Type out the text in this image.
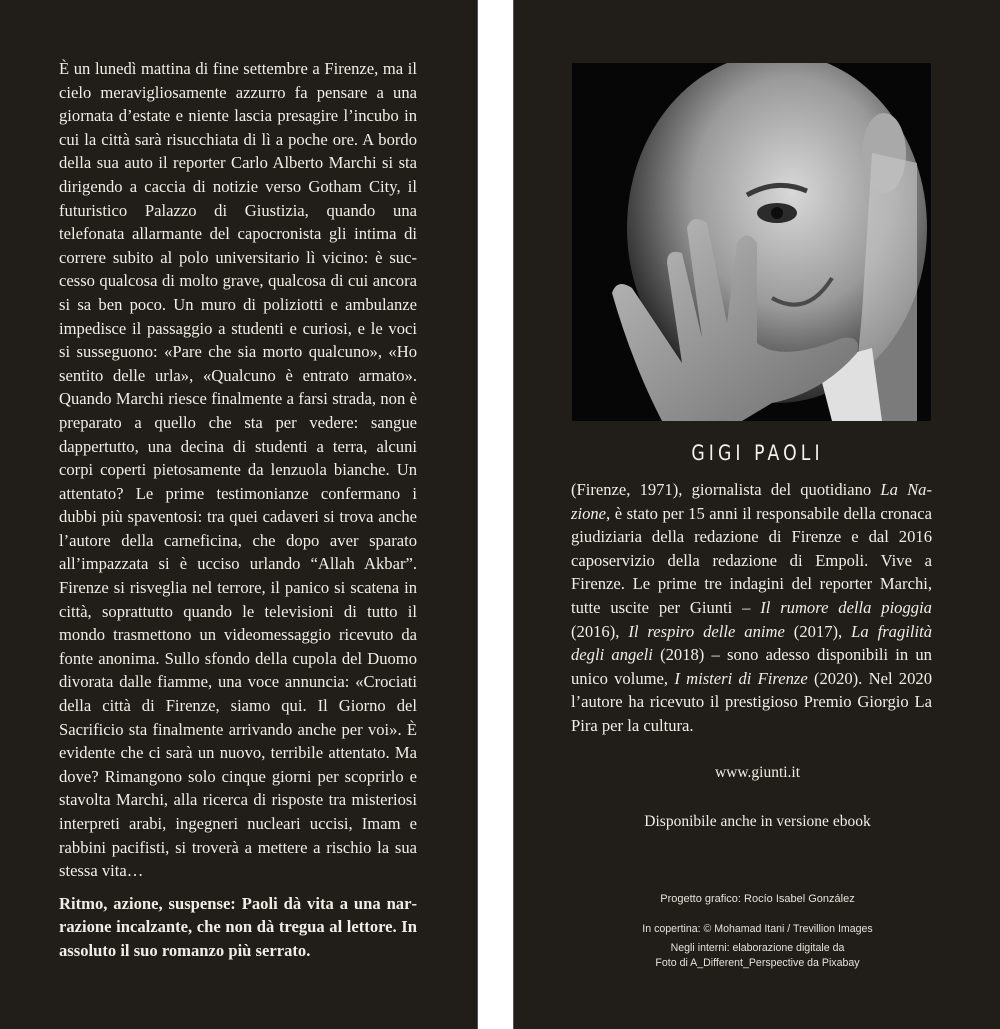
È un lunedì mattina di fine settembre a Firenze, ma il cielo meravigliosamente azzurro fa pensare a una giornata d’estate e niente lascia presagire l’incubo in cui la città sarà risucchiata di lì a poche ore. A bordo della sua auto il reporter Carlo Alberto Marchi si sta dirigendo a caccia di notizie verso Gotham City, il futuristico Palazzo di Giustizia, quando una telefonata allarmante del capocronista gli intima di correre subito al polo universitario lì vicino: è successo qualcosa di molto grave, qualcosa di cui ancora si sa ben poco. Un muro di poliziotti e ambulanze impedisce il passaggio a studenti e curiosi, e le voci si susseguono: «Pare che sia morto qualcuno», «Ho sentito delle urla», «Qualcuno è entrato armato». Quando Marchi riesce finalmente a farsi strada, non è preparato a quello che sta per vedere: sangue dappertutto, una decina di studenti a terra, alcuni corpi coperti pietosamente da lenzuola bianche. Un attentato? Le prime testimonianze confermano i dubbi più spaventosi: tra quei cadaveri si trova anche l’autore della carneficina, che dopo aver sparato all’impazzata si è ucciso urlando “Allah Akbar”. Firenze si risveglia nel terrore, il panico si scatena in città, soprattutto quando le televisioni di tutto il mondo trasmettono un videomessaggio ricevuto da fonte anonima. Sullo sfondo della cupola del Duomo divorata dalle fiamme, una voce annuncia: «Crociati della città di Firenze, siamo qui. Il Giorno del Sacrificio sta finalmente arrivando anche per voi». È evidente che ci sarà un nuovo, terribile attentato. Ma dove? Rimangono solo cinque giorni per scoprirlo e stavolta Marchi, alla ricerca di risposte tra misteriosi interpreti arabi, ingegneri nucleari uccisi, Imam e rabbini pacifisti, si troverà a mettere a rischio la sua stessa vita…

Ritmo, azione, suspense: Paoli dà vita a una narrazione incalzante, che non dà tregua al lettore. In assoluto il suo romanzo più serrato.

GIGI PAOLI

(Firenze, 1971), giornalista del quotidiano La Nazione, è stato per 15 anni il responsabile della cronaca giudiziaria della redazione di Firenze e dal 2016 caposervizio della redazione di Empoli. Vive a Firenze. Le prime tre indagini del reporter Marchi, tutte uscite per Giunti – Il rumore della pioggia (2016), Il respiro delle anime (2017), La fragilità degli angeli (2018) – sono adesso disponibili in un unico volume, I misteri di Firenze (2020). Nel 2020 l’autore ha ricevuto il prestigioso Premio Giorgio La Pira per la cultura.

www.giunti.it

Disponibile anche in versione ebook

Progetto grafico: Rocío Isabel González

In copertina: © Mohamad Itani / Trevillion Images

Negli interni: elaborazione digitale da
Foto di A_Different_Perspective da Pixabay
